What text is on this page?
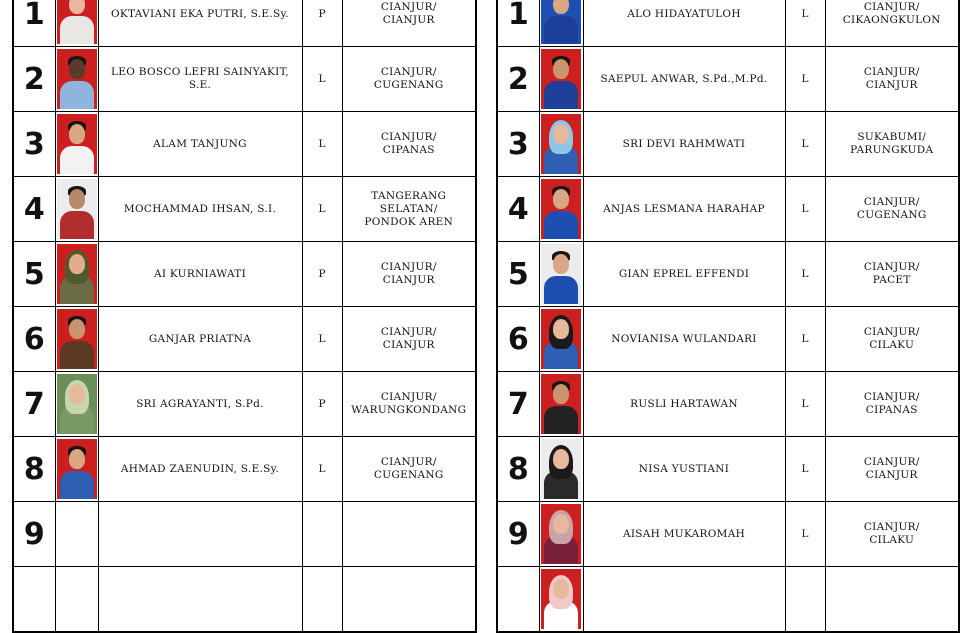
1		OKTAVIANI EKA PUTRI, S.E.Sy.	P	CIANJUR/
CIANJUR

2		LEO BOSCO LEFRI SAINYAKIT, S.E.	L	CIANJUR/
CUGENANG

3		ALAM TANJUNG	L	CIANJUR/
CIPANAS

4		MOCHAMMAD IHSAN, S.I.	L	TANGERANG
SELATAN/
PONDOK AREN

5		AI KURNIAWATI	P	CIANJUR/
CIANJUR

6		GANJAR PRIATNA	L	CIANJUR/
CIANJUR

7		SRI AGRAYANTI, S.Pd.	P	CIANJUR/
WARUNGKONDANG

8		AHMAD ZAENUDIN, S.E.Sy.	L	CIANJUR/
CUGENANG

9				

1		ALO HIDAYATULOH	L	CIANJUR/
CIKAONGKULON

2		SAEPUL ANWAR, S.Pd.,M.Pd.	L	CIANJUR/
CIANJUR

3		SRI DEVI RAHMWATI	L	SUKABUMI/
PARUNGKUDA

4		ANJAS LESMANA HARAHAP	L	CIANJUR/
CUGENANG

5		GIAN EPREL EFFENDI	L	CIANJUR/
PACET

6		NOVIANISA WULANDARI	L	CIANJUR/
CILAKU

7		RUSLI HARTAWAN	L	CIANJUR/
CIPANAS

8		NISA YUSTIANI	L	CIANJUR/
CIANJUR

9		AISAH MUKAROMAH	L	CIANJUR/
CILAKU
